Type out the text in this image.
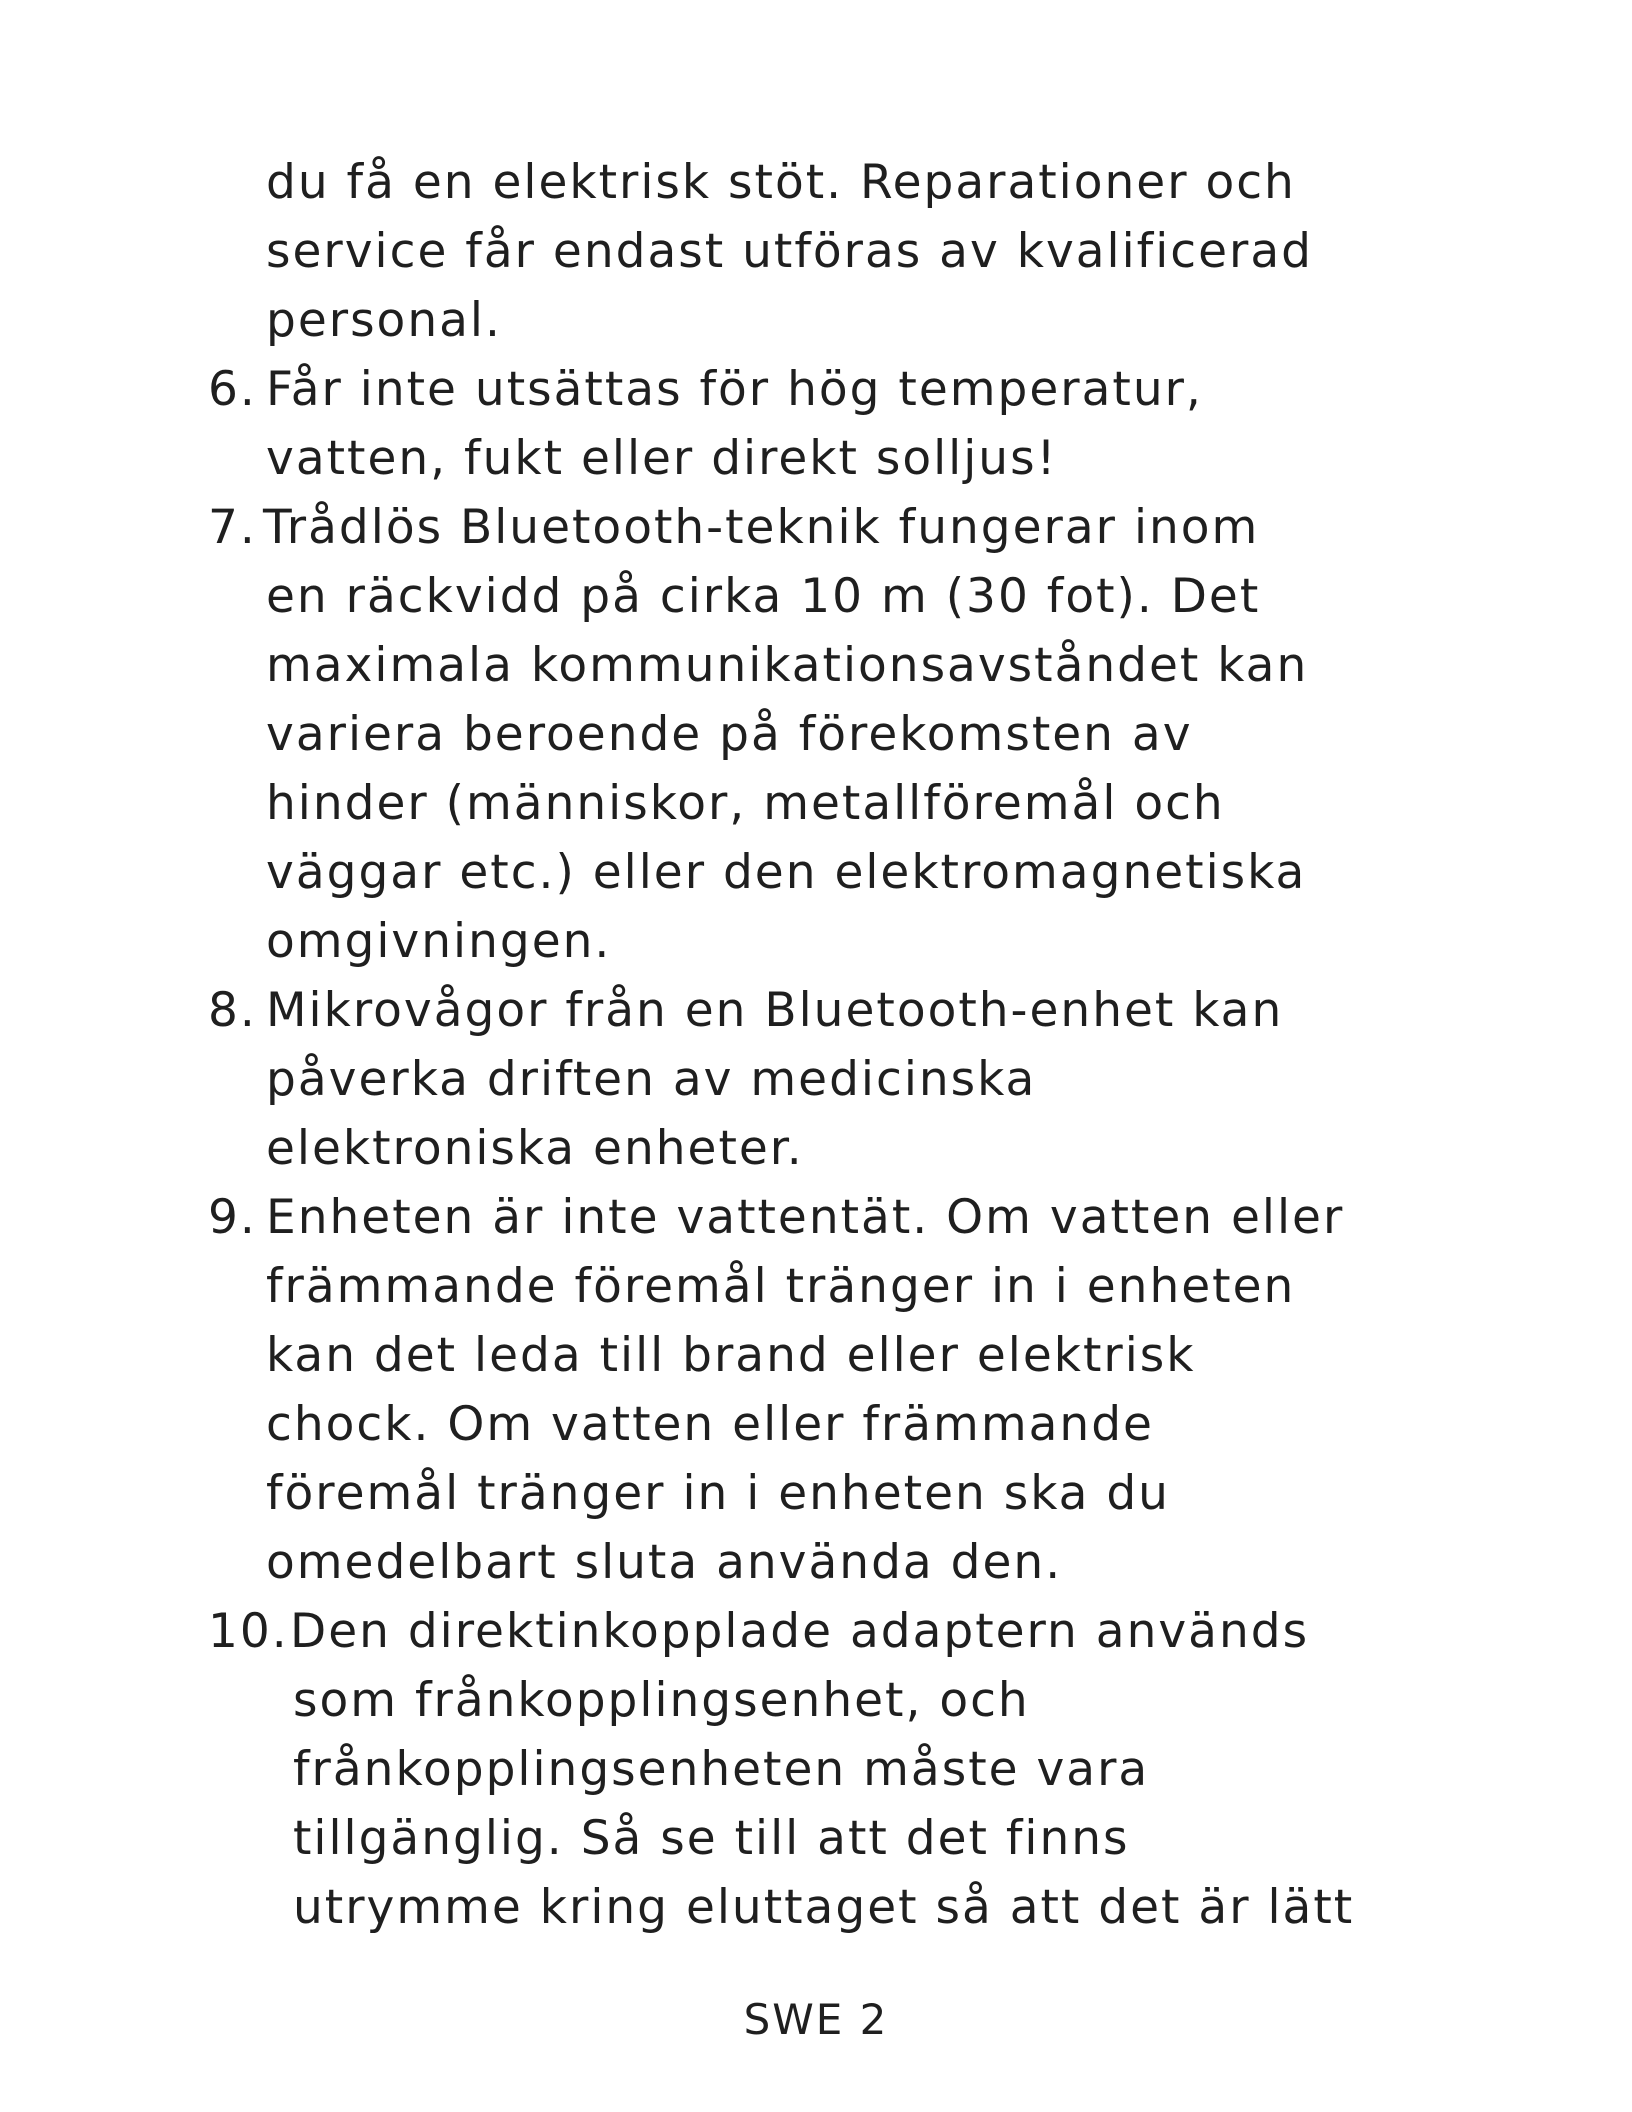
du få en elektrisk stöt. Reparationer och
service får endast utföras av kvalificerad
personal.
6. Får inte utsättas för hög temperatur,
vatten, fukt eller direkt solljus!
7. Trådlös Bluetooth-teknik fungerar inom
en räckvidd på cirka 10 m (30 fot). Det
maximala kommunikationsavståndet kan
variera beroende på förekomsten av
hinder (människor, metallföremål och
väggar etc.) eller den elektromagnetiska
omgivningen.
8. Mikrovågor från en Bluetooth-enhet kan
påverka driften av medicinska
elektroniska enheter.
9. Enheten är inte vattentät. Om vatten eller
främmande föremål tränger in i enheten
kan det leda till brand eller elektrisk
chock. Om vatten eller främmande
föremål tränger in i enheten ska du
omedelbart sluta använda den.
10. Den direktinkopplade adaptern används
som frånkopplingsenhet, och
frånkopplingsenheten måste vara
tillgänglig. Så se till att det finns
utrymme kring eluttaget så att det är lätt
SWE 2
